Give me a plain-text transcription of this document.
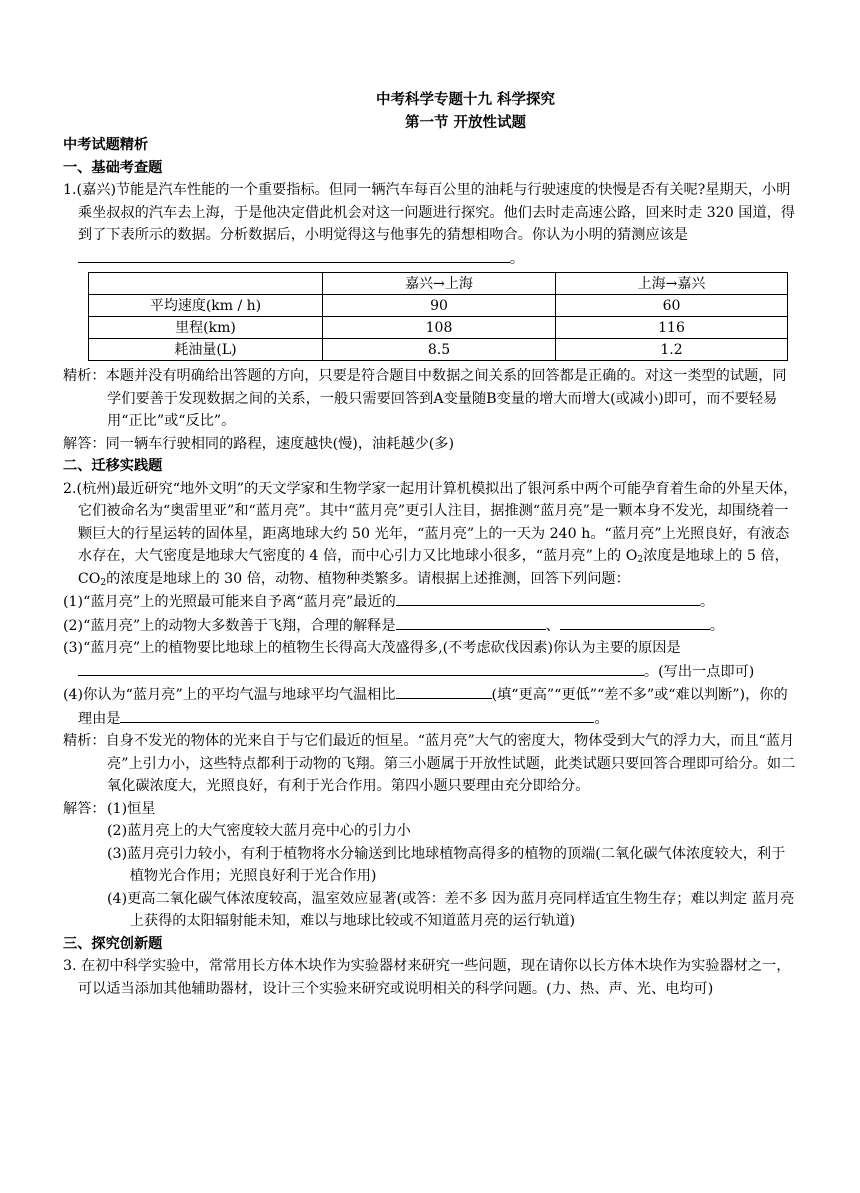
中考科学专题十九 科学探究

第一节 开放性试题

中考试题精析

一、基础考查题

1.(嘉兴)节能是汽车性能的一个重要指标。但同一辆汽车每百公里的油耗与行驶速度的快慢是否有关呢?星期天，小明乘坐叔叔的汽车去上海，于是他决定借此机会对这一问题进行探究。他们去时走高速公路，回来时走 320 国道，得到了下表所示的数据。分析数据后，小明觉得这与他事先的猜想相吻合。你认为小明的猜测应该是。

	嘉兴→上海	上海→嘉兴
平均速度(km / h)	90	60
里程(km)	108	116
耗油量(L)	8.5	1.2

精析：本题并没有明确给出答题的方向，只要是符合题目中数据之间关系的回答都是正确的。对这一类型的试题，同学们要善于发现数据之间的关系，一般只需要回答到A变量随B变量的增大而增大(或减小)即可，而不要轻易用“正比”或“反比”。

解答：同一辆车行驶相同的路程，速度越快(慢)，油耗越少(多)

二、迁移实践题

2.(杭州)最近研究“地外文明”的天文学家和生物学家一起用计算机模拟出了银河系中两个可能孕育着生命的外星天体，它们被命名为“奥雷里亚”和“蓝月亮”。其中“蓝月亮”更引人注目，据推测“蓝月亮”是一颗本身不发光，却围绕着一颗巨大的行星运转的固体星，距离地球大约 50 光年，“蓝月亮”上的一天为 240 h。“蓝月亮”上光照良好，有液态水存在，大气密度是地球大气密度的 4 倍，而中心引力又比地球小很多，“蓝月亮”上的 $O_2$浓度是地球上的 5 倍，$CO_2$的浓度是地球上的 30 倍，动物、植物种类繁多。请根据上述推测，回答下列问题：

(1)“蓝月亮”上的光照最可能来自予离“蓝月亮”最近的	。

(2)“蓝月亮”上的动物大多数善于飞翔，合理的解释是	、	。

(3)“蓝月亮”上的植物要比地球上的植物生长得高大茂盛得多,(不考虑砍伐因素)你认为主要的原因是。(写出一点即可)

(4)你认为“蓝月亮”上的平均气温与地球平均气温相比	(填“更高”“更低”“差不多”或“难以判断”)，你的理由是	。

精析：自身不发光的物体的光来自于与它们最近的恒星。“蓝月亮”大气的密度大，物体受到大气的浮力大，而且“蓝月亮”上引力小，这些特点都利于动物的飞翔。第三小题属于开放性试题，此类试题只要回答合理即可给分。如二氧化碳浓度大，光照良好，有利于光合作用。第四小题只要理由充分即给分。

解答： (1)恒星

(2)蓝月亮上的大气密度较大蓝月亮中心的引力小

(3)蓝月亮引力较小，有利于植物将水分输送到比地球植物高得多的植物的顶端(二氧化碳气体浓度较大，利于植物光合作用；光照良好利于光合作用)

(4)更高二氧化碳气体浓度较高，温室效应显著(或答：差不多 因为蓝月亮同样适宜生物生存；难以判定 蓝月亮上获得的太阳辐射能未知，难以与地球比较或不知道蓝月亮的运行轨道)

三、探究创新题

3. 在初中科学实验中，常常用长方体木块作为实验器材来研究一些问题，现在请你以长方体木块作为实验器材之一，可以适当添加其他辅助器材，设计三个实验来研究或说明相关的科学问题。(力、热、声、光、电均可)
